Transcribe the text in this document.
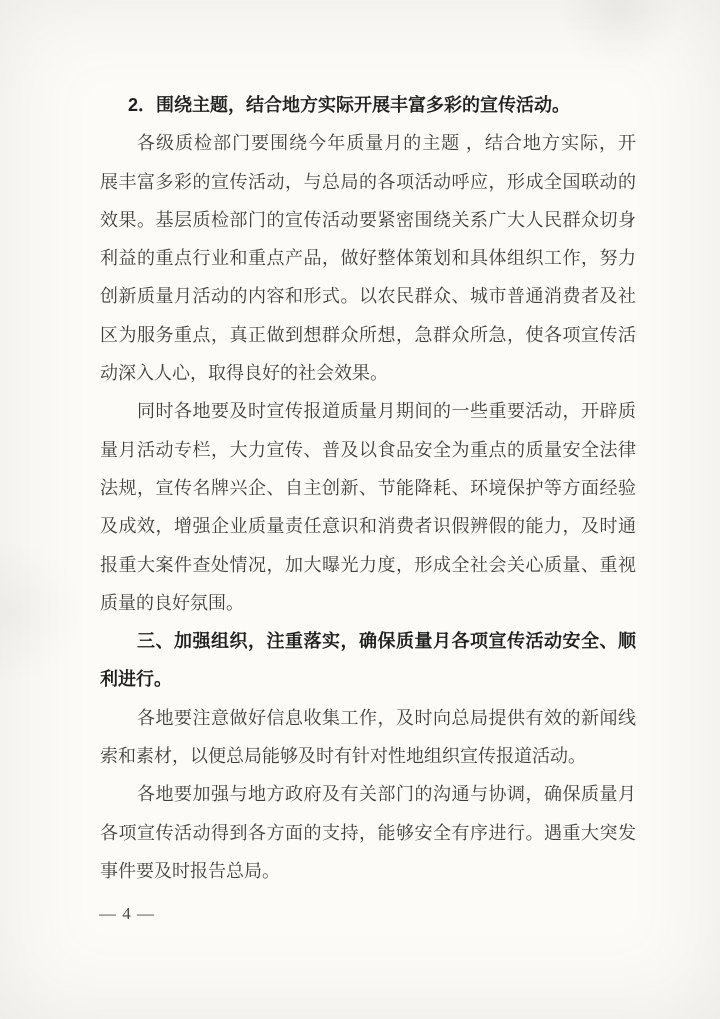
2．围绕主题，结合地方实际开展丰富多彩的宣传活动。
各级质检部门要围绕今年质量月的主题 ，结合地方实际，开
展丰富多彩的宣传活动，与总局的各项活动呼应，形成全国联动的
效果。基层质检部门的宣传活动要紧密围绕关系广大人民群众切身
利益的重点行业和重点产品，做好整体策划和具体组织工作，努力
创新质量月活动的内容和形式。以农民群众、城市普通消费者及社
区为服务重点，真正做到想群众所想，急群众所急，使各项宣传活
动深入人心，取得良好的社会效果。
同时各地要及时宣传报道质量月期间的一些重要活动，开辟质
量月活动专栏，大力宣传、普及以食品安全为重点的质量安全法律
法规，宣传名牌兴企、自主创新、节能降耗、环境保护等方面经验
及成效，增强企业质量责任意识和消费者识假辨假的能力，及时通
报重大案件查处情况，加大曝光力度，形成全社会关心质量、重视
质量的良好氛围。
三、加强组织，注重落实，确保质量月各项宣传活动安全、顺
利进行。
各地要注意做好信息收集工作，及时向总局提供有效的新闻线
索和素材，以便总局能够及时有针对性地组织宣传报道活动。
各地要加强与地方政府及有关部门的沟通与协调，确保质量月
各项宣传活动得到各方面的支持，能够安全有序进行。遇重大突发
事件要及时报告总局。
— 4 —
